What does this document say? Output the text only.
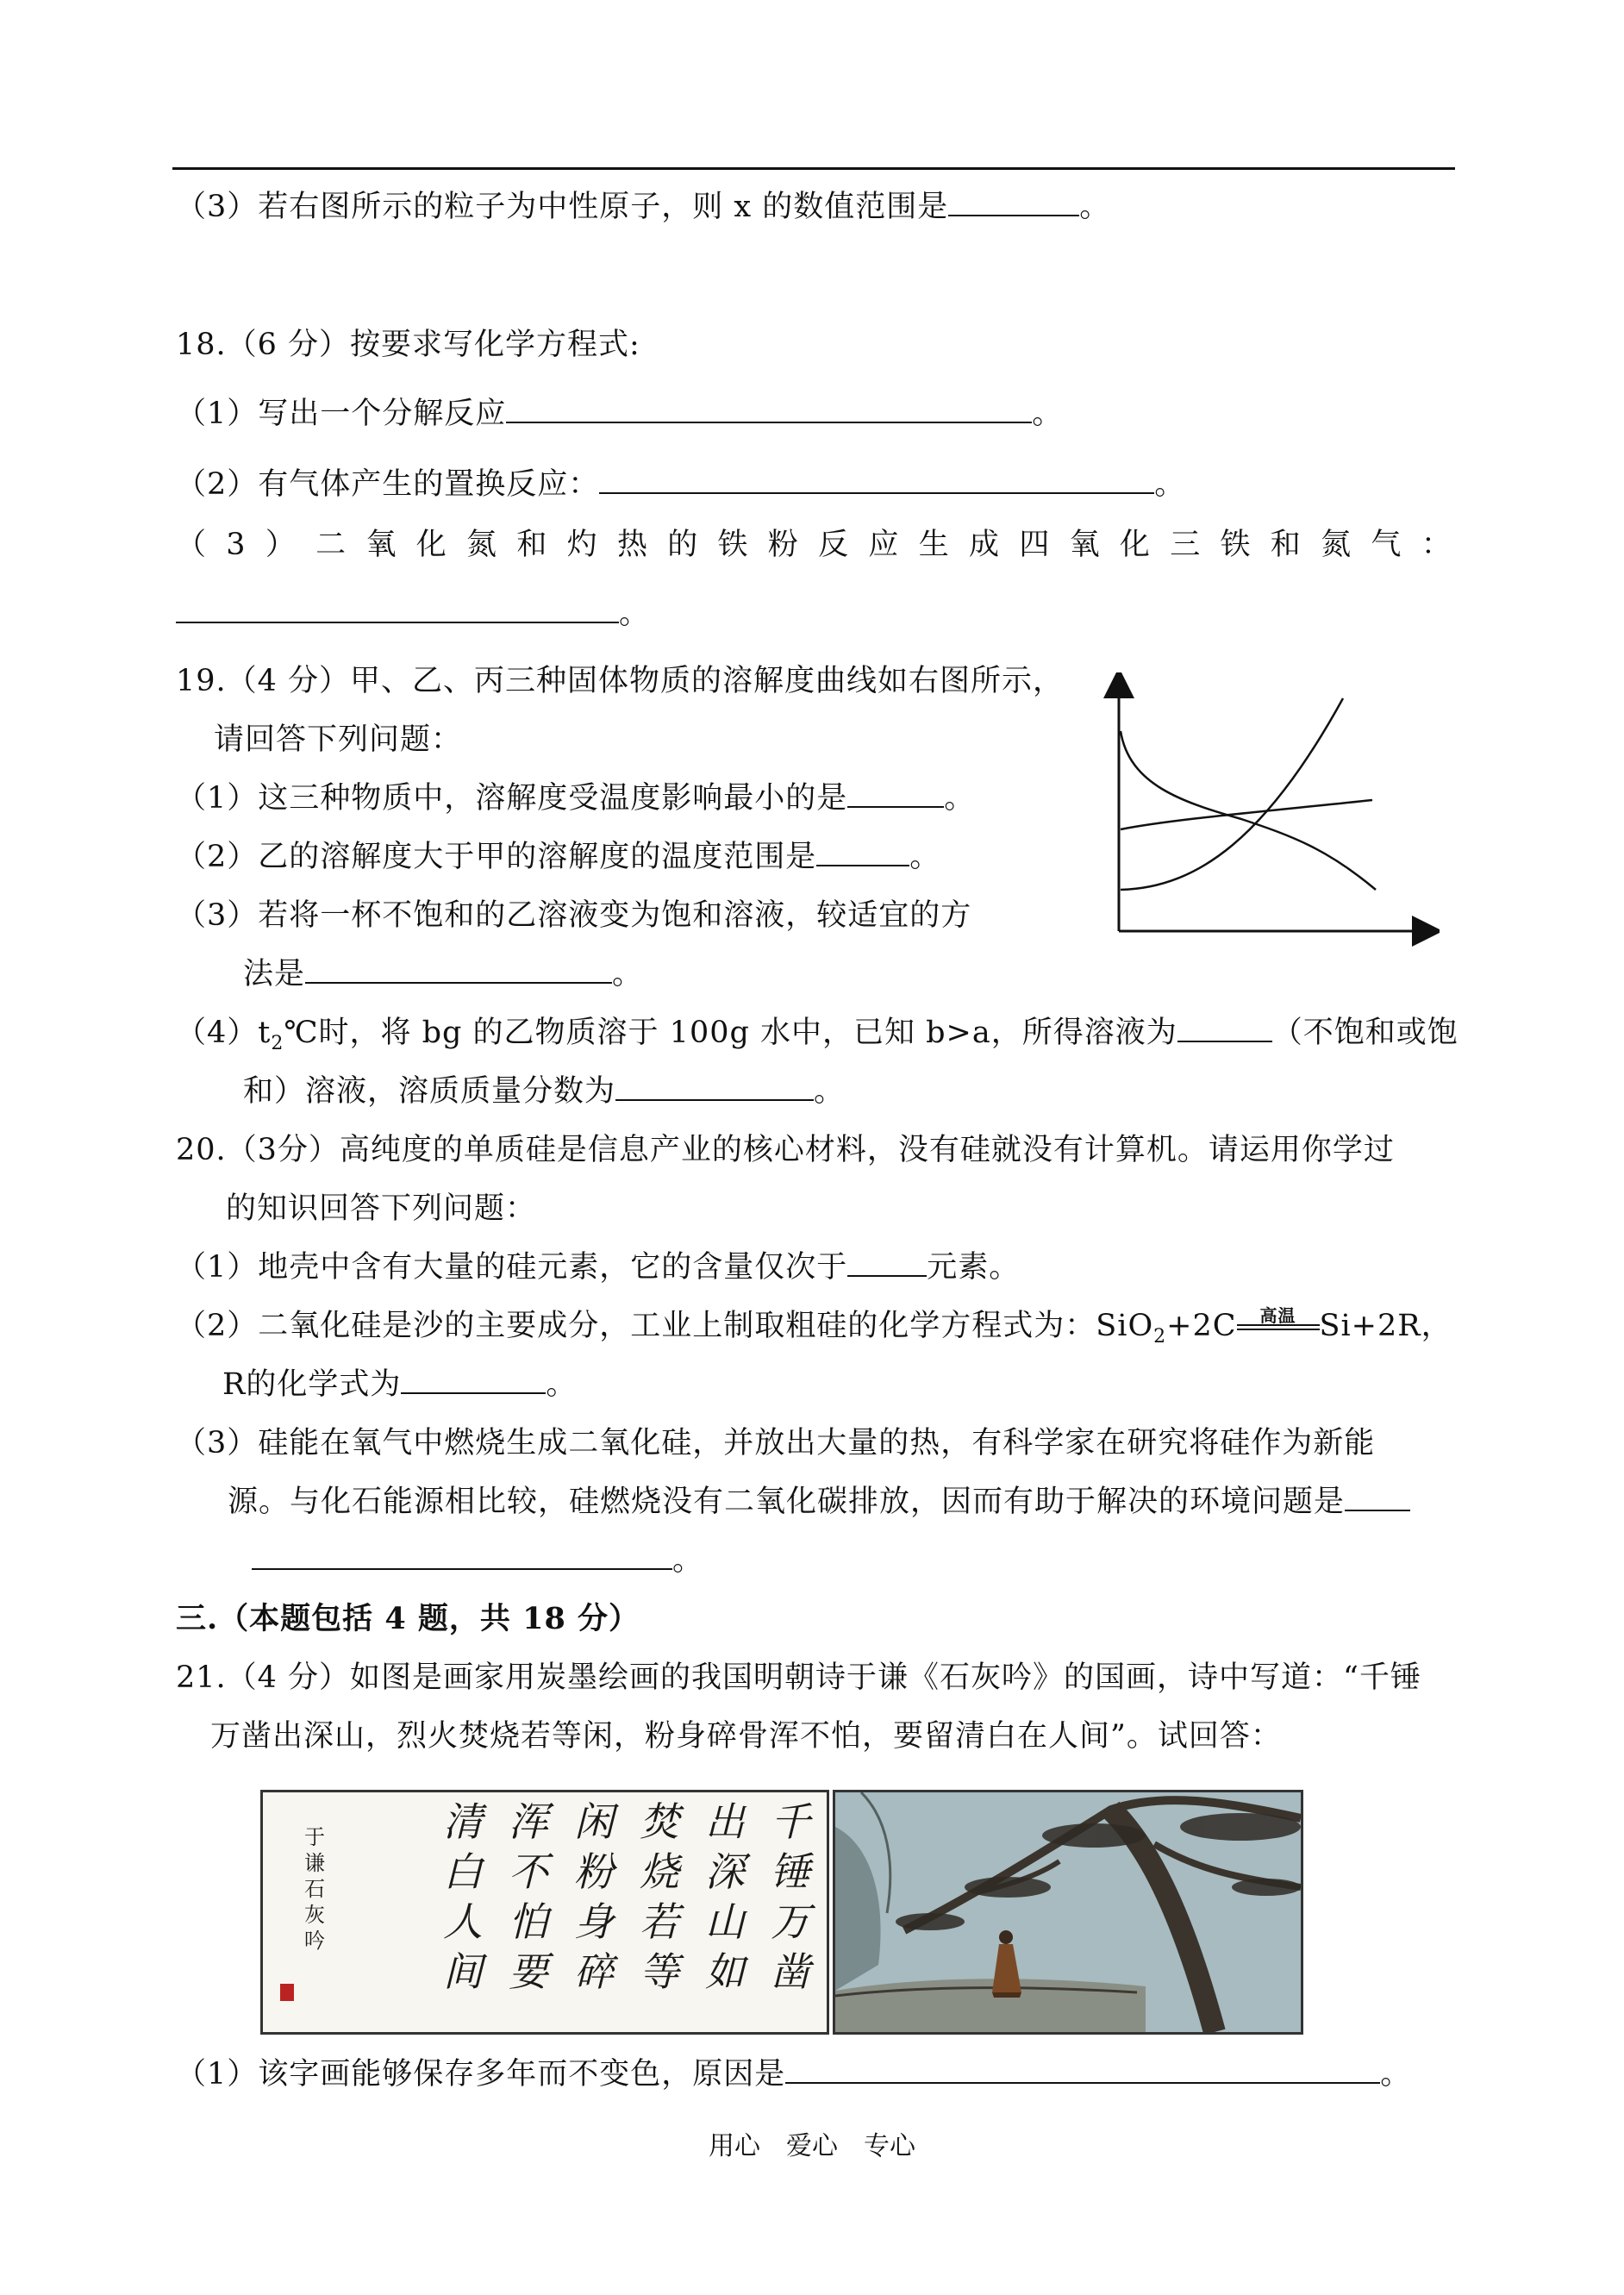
（3）若右图所示的粒子为中性原子，则 x 的数值范围是	。
18.（6 分）按要求写化学方程式:
（1）写出一个分解反应	。
（2）有气体产生的置换反应：	。
（ 3 ） 二 氧 化 氮 和 灼 热 的 铁 粉 反 应 生 成 四 氧 化 三 铁 和 氮 气 ：
。
19.（4 分）甲、乙、丙三种固体物质的溶解度曲线如右图所示，
请回答下列问题：
（1）这三种物质中，溶解度受温度影响最小的是	。
（2）乙的溶解度大于甲的溶解度的温度范围是	。
（3）若将一杯不饱和的乙溶液变为饱和溶液，较适宜的方
法是	。
$(4)t_2℃$时，将 bg 的乙物质溶于 100g 水中，已知 b>a，所得溶液为	（不饱和或饱
和）溶液，溶质质量分数为	。
20.（3分）高纯度的单质硅是信息产业的核心材料，没有硅就没有计算机。请运用你学过
的知识回答下列问题：
（1）地壳中含有大量的硅元素，它的含量仅次于	元素。
（2）二氧化硅是沙的主要成分，工业上制取粗硅的化学方程式为：SiO$_2$+2C	高温 Si+2R，
R的化学式为	。
（3）硅能在氧气中燃烧生成二氧化硅，并放出大量的热，有科学家在研究将硅作为新能
源。与化石能源相比较，硅燃烧没有二氧化碳排放，因而有助于解决的环境问题是
。
三.（本题包括 4 题，共 18 分）
21.（4 分）如图是画家用炭墨绘画的我国明朝诗于谦《石灰吟》的国画，诗中写道：“千锤
万凿出深山，烈火焚烧若等闲，粉身碎骨浑不怕，要留清白在人间”。试回答：
千
锤
万
凿
出
深
山
如
焚
烧
若
等
闲
粉
身
碎
浑
不
怕
要
清
白
人
间
于
谦
石
灰
吟
（1）该字画能够保存多年而不变色，原因是	。
用心　爱心　专心
